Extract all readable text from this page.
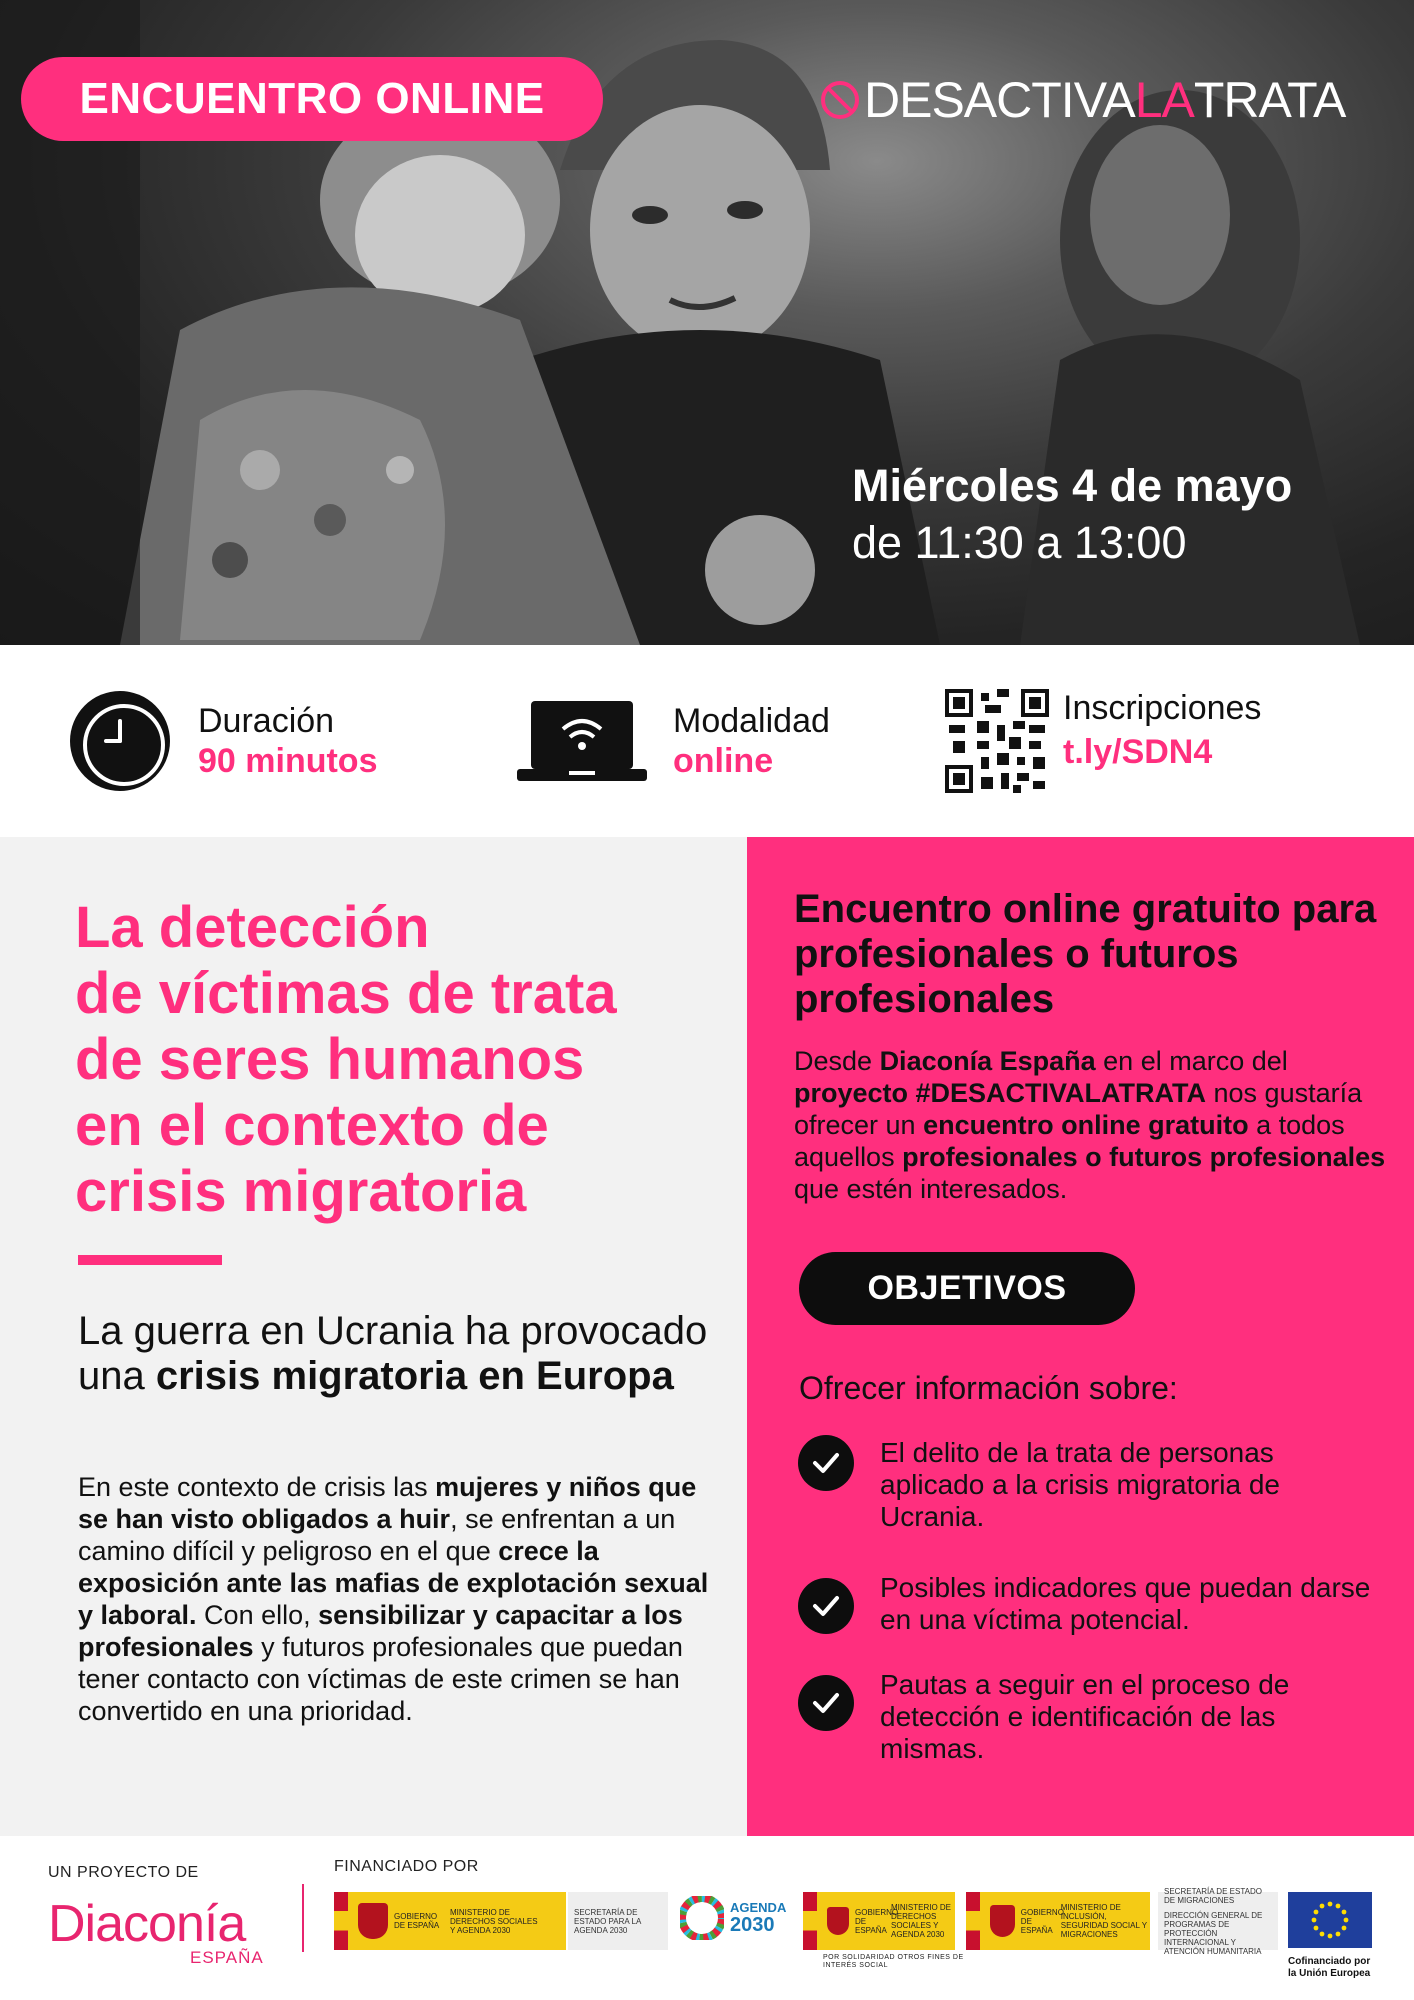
ENCUENTRO ONLINE	DESACTIVA LA TRATA
Miércoles 4 de mayo
de 11:30 a 13:00
Duración
90 minutos
Modalidad
online
Inscripciones
t.ly/SDN4
La detección
de víctimas de trata
de seres humanos
en el contexto de
crisis migratoria

La guerra en Ucrania ha provocado una crisis migratoria en Europa

En este contexto de crisis las mujeres y niños que se han visto obligados a huir, se enfrentan a un camino difícil y peligroso en el que crece la exposición ante las mafias de explotación sexual y laboral. Con ello, sensibilizar y capacitar a los profesionales y futuros profesionales que puedan tener contacto con víctimas de este crimen se han convertido en una prioridad.

Encuentro online gratuito para profesionales o futuros profesionales

Desde Diaconía España en el marco del proyecto #DESACTIVALATRATA nos gustaría ofrecer un encuentro online gratuito a todos aquellos profesionales o futuros profesionales que estén interesados.

OBJETIVOS
Ofrecer información sobre:
El delito de la trata de personas aplicado a la crisis migratoria de Ucrania.
Posibles indicadores que puedan darse en una víctima potencial.
Pautas a seguir en el proceso de detección e identificación de las mismas.
UN PROYECTO DE
Diaconía
ESPAÑA
FINANCIADO POR
GOBIERNO DE ESPAÑA
MINISTERIO DE DERECHOS SOCIALES Y AGENDA 2030
SECRETARÍA DE ESTADO PARA LA AGENDA 2030
AGENDA
2030
GOBIERNO DE ESPAÑA
MINISTERIO DE DERECHOS SOCIALES Y AGENDA 2030
POR SOLIDARIDAD OTROS FINES DE INTERÉS SOCIAL
GOBIERNO DE ESPAÑA
MINISTERIO DE INCLUSIÓN, SEGURIDAD SOCIAL Y MIGRACIONES
SECRETARÍA DE ESTADO DE MIGRACIONES
DIRECCIÓN GENERAL DE PROGRAMAS DE PROTECCIÓN INTERNACIONAL Y ATENCIÓN HUMANITARIA
Cofinanciado por la Unión Europea
